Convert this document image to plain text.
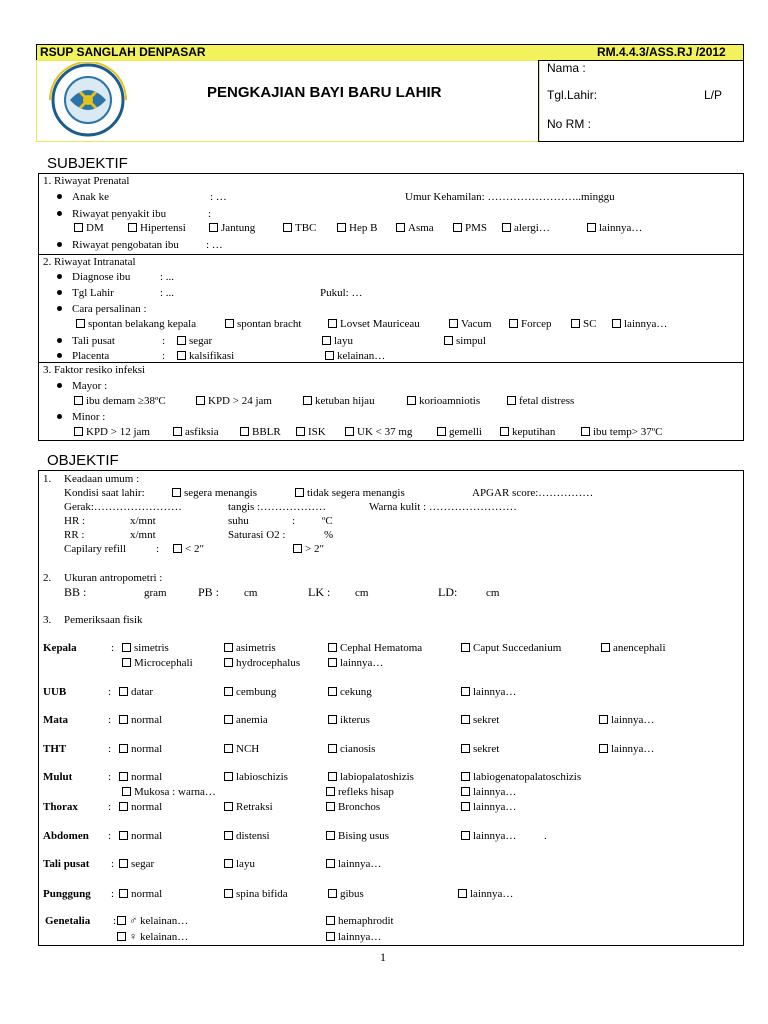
RSUP SANGLAH DENPASAR	RM.4.4.3/ASS.RJ /2012
PENGKAJIAN BAYI BARU LAHIR
Nama :
Tgl.Lahir:	L/P
No RM :
SUBJEKTIF
1. Riwayat Prenatal
Anak ke	: …	Umur Kehamilan: ……………………..minggu
Riwayat penyakit ibu	:
DM	Hipertensi	Jantung	TBC	Hep B	Asma	PMS	alergi…	lainnya…
Riwayat pengobatan ibu : …
2. Riwayat Intranatal
Diagnose ibu	: ...
Tgl Lahir	: ...	Pukul: …
Cara persalinan :
spontan belakang kepala	spontan bracht	Lovset Mauriceau	Vacum	Forcep	SC	lainnya…
Tali pusat	:	segar	layu	simpul
Placenta	:	kalsifikasi	kelainan…
3. Faktor resiko infeksi
Mayor :
ibu demam ≥38ºC	KPD > 24 jam	ketuban hijau	korioamniotis	fetal distress
Minor :
KPD > 12 jam	asfiksia	BBLR	ISK	UK < 37 mg	gemelli	keputihan	ibu temp> 37ºC
OBJEKTIF
1. Keadaan umum :
Kondisi saat lahir:	segera menangis	tidak segera menangis	APGAR score:……………
Gerak:……………………	tangis :………………	Warna kulit : ……………………
HR :	x/mnt	suhu	: ºC
RR :	x/mnt	Saturasi O2 :	%
Capilary refill	:	< 2"	> 2"
2. Ukuran antropometri :
BB :	gram	PB : cm	LK : cm	LD:	cm
3. Pemeriksaan fisik
Kepala	:	simetris	asimetris	Cephal Hematoma	Caput Succedanium	anencephali
Microcephali	hydrocephalus	lainnya…
UUB	:	datar	cembung	cekung	lainnya…
Mata	:	normal	anemia	ikterus	sekret	lainnya…
THT	:	normal	NCH	cianosis	sekret	lainnya…
Mulut	:	normal	labioschizis	labiopalatoshizis	labiogenatopalatoschizis
Mukosa : warna…	refleks hisap	lainnya…
Thorax	:	normal	Retraksi	Bronchos	lainnya…
Abdomen :	normal	distensi	Bising usus	lainnya…	.
Tali pusat :	segar	layu	lainnya…
Punggung :	normal	spina bifida	gibus	lainnya…
Genetalia :	♂ kelainan…	hemaphrodit
♀ kelainan…	lainnya…
1
